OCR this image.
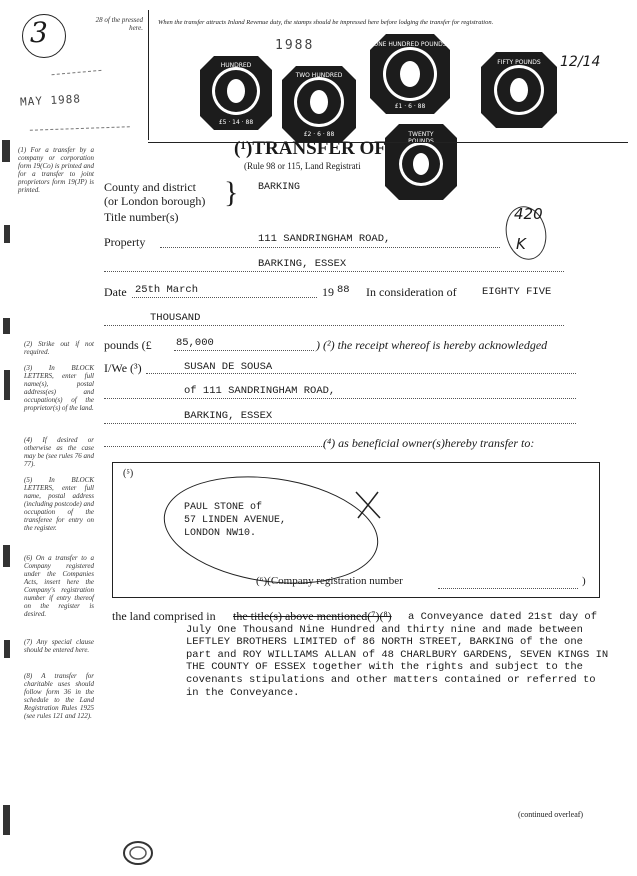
28 of the pressed here.
When the transfer attracts Inland Revenue duty, the stamps should be impressed here before lodging the transfer for registration.
3
MAY 1988
1988
12/14
HUNDRED
£5 · 14 · 88
TWO HUNDRED
£2 · 6 · 88
ONE HUNDRED POUNDS
£1 · 6 · 88
FIFTY POUNDS
TWENTY
(1) For a transfer by a company or corporation form 19(Co) is printed and for a transfer to joint proprietors form 19(JP) is printed.
(2) Strike out if not required.
(3) In BLOCK LETTERS, enter full name(s), postal address(es) and occupation(s) of the proprietor(s) of the land.
(4) If desired or otherwise as the case may be (see rules 76 and 77).
(5) In BLOCK LETTERS, enter full name, postal address (including postcode) and occupation of the transferee for entry on the register.
(6) On a transfer to a Company registered under the Companies Acts, insert here the Company's registration number if entry thereof on the register is desired.
(7) Any special clause should be entered here.
(8) A transfer for charitable uses should follow form 36 in the schedule to the Land Registration Rules 1925 (see rules 121 and 122).
(¹)TRANSFER OF
(Rule 98 or 115, Land Registrati
County and district
(or London borough) } BARKING
Title number(s)	420
K
Property	111 SANDRINGHAM ROAD,
BARKING, ESSEX
Date 25th March	19 88 In consideration of EIGHTY FIVE
THOUSAND
pounds (£ 85,000	) (²) the receipt whereof is hereby acknowledged
I/We (³)	SUSAN DE SOUSA
of 111 SANDRINGHAM ROAD,
BARKING, ESSEX
(⁴) as beneficial owner(s)hereby transfer to:
(⁵)
PAUL STONE of
57 LINDEN AVENUE,
LONDON NW10.
(⁶)(Company registration number	)
the land comprised in the title(s) above mentioned(⁷)(⁸)	a Conveyance dated 21st day of July One Thousand Nine Hundred and thirty nine and made between LEFTLEY BROTHERS LIMITED of 86 NORTH STREET, BARKING of the one part and ROY WILLIAMS ALLAN of 48 CHARLBURY GARDENS, SEVEN KINGS IN THE COUNTY OF ESSEX together with the rights and subject to the covenants stipulations and other matters contained or referred to in the Conveyance.
(continued overleaf)
